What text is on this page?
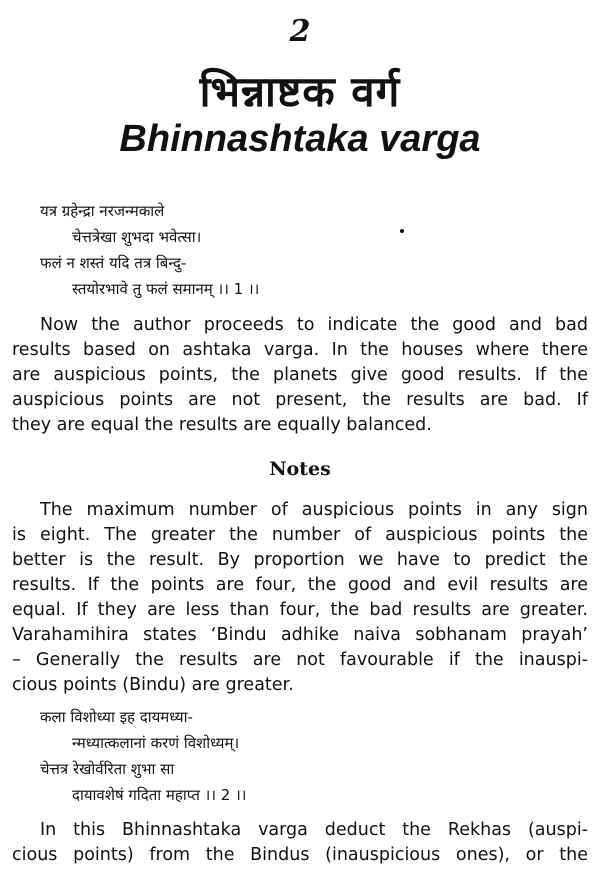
2
भिन्नाष्टक वर्ग
Bhinnashtaka varga
यत्र ग्रहेन्द्रा नरजन्मकाले
चेत्तत्रेखा शुभदा भवेत्सा।
फलं न शस्तं यदि तत्र बिन्दु-
स्तयोरभावे तु फलं समानम् ।। 1 ।।
Now the author proceeds to indicate the good and bad
results based on ashtaka varga. In the houses where there
are auspicious points, the planets give good results. If the
auspicious points are not present, the results are bad. If
they are equal the results are equally balanced.
Notes
The maximum number of auspicious points in any sign
is eight. The greater the number of auspicious points the
better is the result. By proportion we have to predict the
results. If the points are four, the good and evil results are
equal. If they are less than four, the bad results are greater.
Varahamihira states ‘Bindu adhike naiva sobhanam prayah’
– Generally the results are not favourable if the inauspi-
cious points (Bindu) are greater.
कला विशोध्या इह दायमध्या-
न्मध्यात्कलानां करणं विशोध्यम्।
चेत्तत्र रेखोर्वरिता शुभा सा
दायावशेषं गदिता महाप्त ।। 2 ।।
In this Bhinnashtaka varga deduct the Rekhas (auspi-
cious points) from the Bindus (inauspicious ones), or the
